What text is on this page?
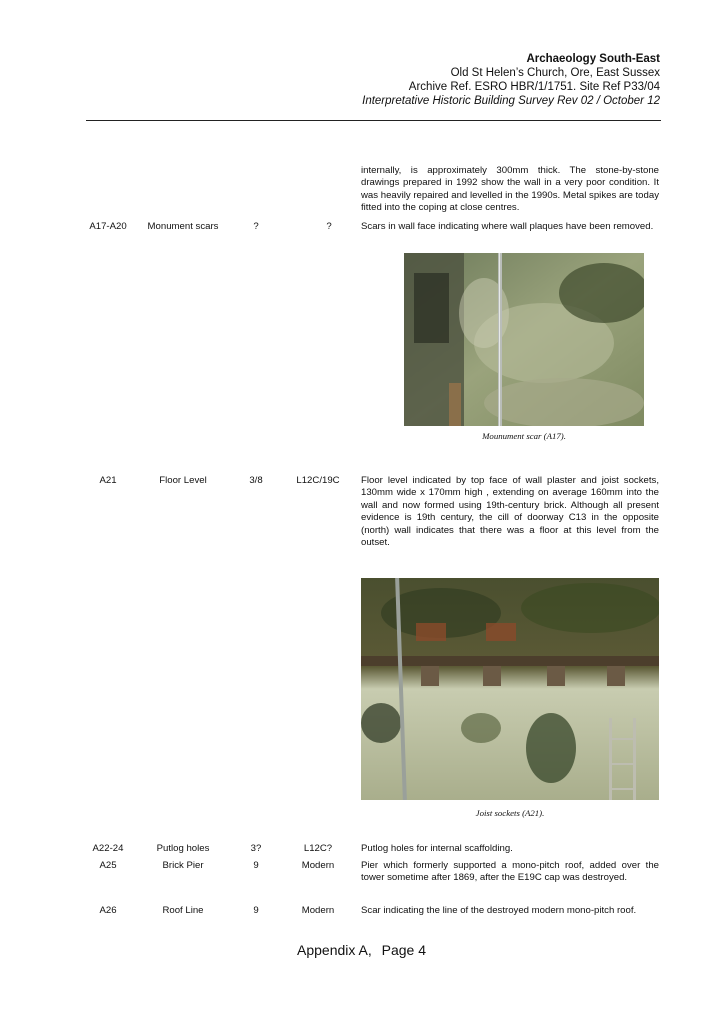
Archaeology South-East
Old St Helen’s Church, Ore, East Sussex
Archive Ref. ESRO HBR/1/1751. Site Ref P33/04
Interpretative Historic Building Survey Rev 02 / October 12
internally, is approximately 300mm thick. The stone-by-stone drawings prepared in 1992 show the wall in a very poor condition. It was heavily repaired and levelled in the 1990s. Metal spikes are today fitted into the coping at close centres.
A17-A20	Monument scars	?	?	Scars in wall face indicating where wall plaques have been removed.
Mounument scar (A17).
A21	Floor Level	3/8	L12C/19C	Floor level indicated by top face of wall plaster and joist sockets, 130mm wide x 170mm high , extending on average 160mm into the wall and now formed using 19th-century brick. Although all present evidence is 19th century, the cill of doorway C13 in the opposite (north) wall indicates that there was a floor at this level from the outset.
Joist sockets (A21).
A22-24	Putlog holes	3?	L12C?	Putlog holes for internal scaffolding.
A25	Brick Pier	9	Modern	Pier which formerly supported a mono-pitch roof, added over the tower sometime after 1869, after the E19C cap was destroyed.
A26	Roof Line	9	Modern	Scar indicating the line of the destroyed modern mono-pitch roof.
Appendix A, Page 4
